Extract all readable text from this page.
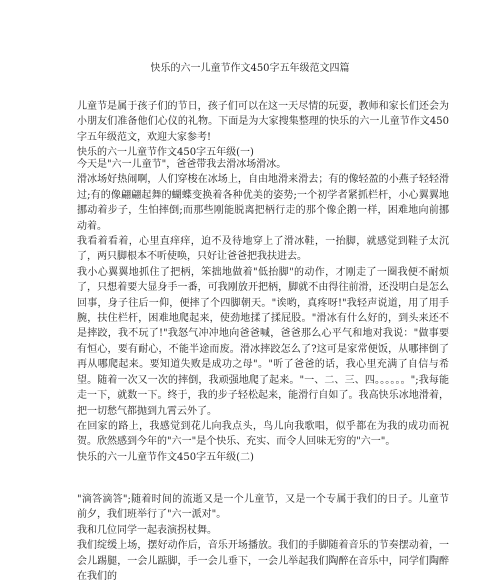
快乐的六一儿童节作文450字五年级范文四篇

儿童节是属于孩子们的节日，孩子们可以在这一天尽情的玩耍，教师和家长们还会为小朋友们准备他们心仪的礼物。下面是为大家搜集整理的快乐的六一儿童节作文450字五年级范文，欢迎大家参考!

快乐的六一儿童节作文450字五年级(一)

今天是"六一儿童节"，爸爸带我去滑冰场滑冰。

滑冰场好热闹啊，人们穿梭在冰场上，自由地滑来滑去；有的像轻盈的小燕子轻轻滑过;有的像翩翩起舞的蝴蝶变换着各种优美的姿势;一个初学者紧抓栏杆，小心翼翼地挪动着步子，生怕摔倒;而那些刚能脱离把柄行走的那个像企鹅一样，困难地向前挪动着。

我看着看着，心里直痒痒，迫不及待地穿上了滑冰鞋，一抬脚，就感觉到鞋子太沉了，两只脚根本不听使唤，只好让爸爸把我扶进去。

我小心翼翼地抓住了把柄，笨拙地做着"低抬脚"的动作，才刚走了一圈我便不耐烦了，只想着要大显身手一番，可我刚放开把柄，脚就不由得往前滑，还没明白是怎么回事，身子往后一仰，便摔了个四脚朝天。"诶哟，真疼呀!"我轻声说道，用了用手腕，扶住栏杆，困难地爬起来，使劲地揉了揉屁股。"滑冰有什么好的，到头来还不是摔跤，我不玩了!"我怒气冲冲地向爸爸喊，爸爸那么心平气和地对我说："做事要有恒心，要有耐心，不能半途而废。滑冰摔跤怎么了?这可是家常便饭，从哪摔倒了再从哪爬起来。要知道失败是成功之母"。"听了爸爸的话，我心里充满了自信与希望。随着一次又一次的摔倒，我顽强地爬了起来。"一、二、三、四。。。。。。";我每能走一下，就数一下。终于，我的步子轻松起来，能滑行自如了。我高快乐冰地滑着，把一切愁气都抛到九霄云外了。

在回家的路上，我感觉到花儿向我点头，鸟儿向我歌唱，似乎都在为我的成功而祝贺。欣然感到今年的"六一"是个快乐、充实、而令人回味无穷的"六一"。

快乐的六一儿童节作文450字五年级(二)

"滴答滴答";随着时间的流逝又是一个儿童节，又是一个专属于我们的日子。儿童节前夕，我们班举行了"六一派对"。

我和几位同学一起表演拐杖舞。

我们绽缓上场，摆好动作后，音乐开场播放。我们的手脚随着音乐的节奏摆动着，一会儿踢腿，一会儿踮脚，手一会儿垂下，一会儿举起我们陶醉在音乐中，同学们陶醉在我们的
